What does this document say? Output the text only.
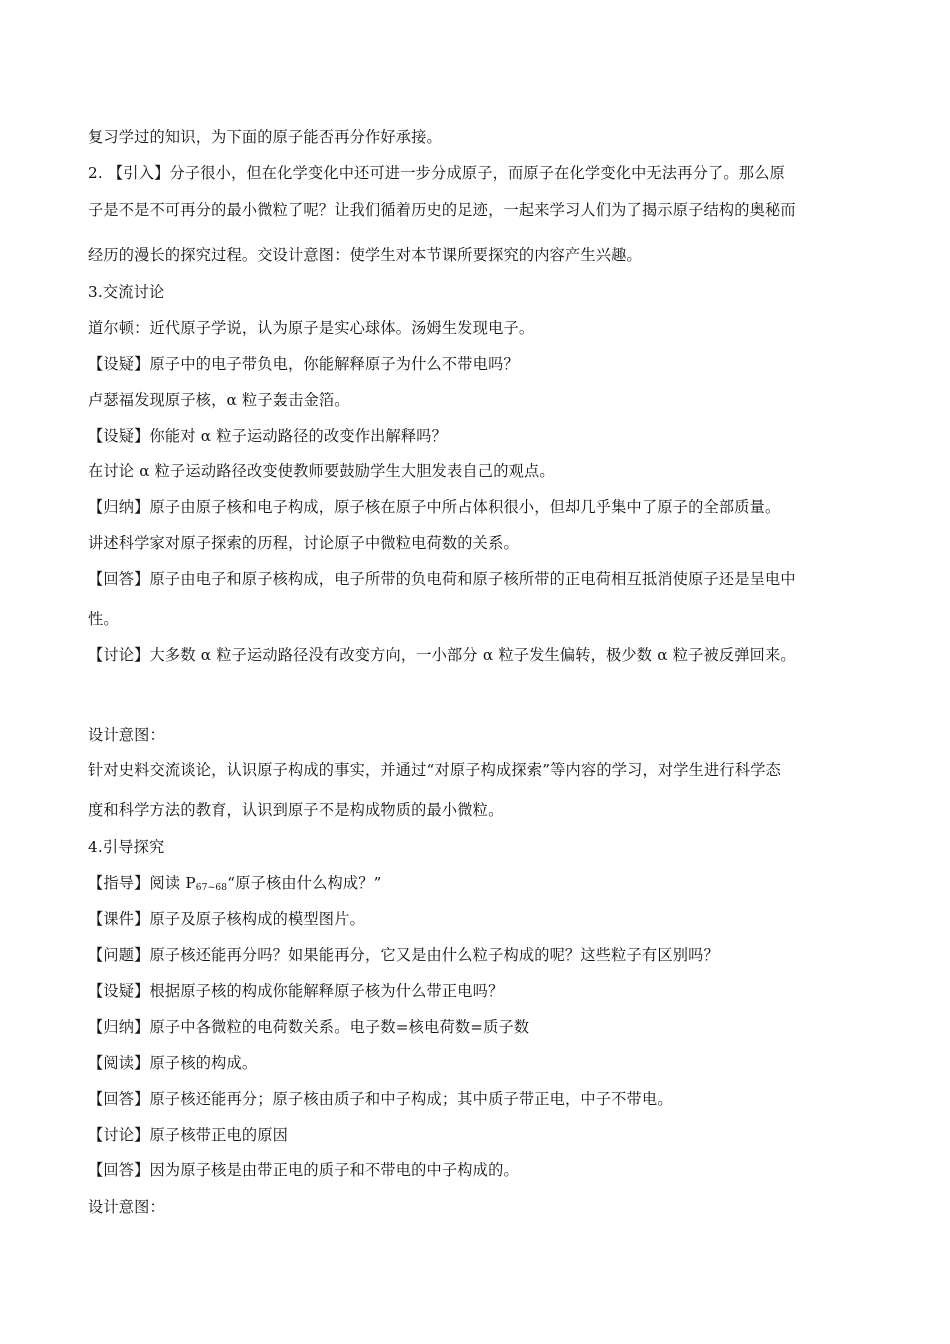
复习学过的知识，为下面的原子能否再分作好承接。
2. 【引入】分子很小，但在化学变化中还可进一步分成原子，而原子在化学变化中无法再分了。那么原
子是不是不可再分的最小微粒了呢？让我们循着历史的足迹，一起来学习人们为了揭示原子结构的奥秘而
经历的漫长的探究过程。交设计意图：使学生对本节课所要探究的内容产生兴趣。
3.交流讨论
道尔顿：近代原子学说，认为原子是实心球体。汤姆生发现电子。
【设疑】原子中的电子带负电，你能解释原子为什么不带电吗？
卢瑟福发现原子核，α 粒子轰击金箔。
【设疑】你能对 α 粒子运动路径的改变作出解释吗？
在讨论 α 粒子运动路径改变使教师要鼓励学生大胆发表自己的观点。
【归纳】原子由原子核和电子构成，原子核在原子中所占体积很小，但却几乎集中了原子的全部质量。
讲述科学家对原子探索的历程，讨论原子中微粒电荷数的关系。
【回答】原子由电子和原子核构成，电子所带的负电荷和原子核所带的正电荷相互抵消使原子还是呈电中
性。
【讨论】大多数 α 粒子运动路径没有改变方向，一小部分 α 粒子发生偏转，极少数 α 粒子被反弹回来。
设计意图：
针对史料交流谈论，认识原子构成的事实，并通过“对原子构成探索”等内容的学习，对学生进行科学态
度和科学方法的教育，认识到原子不是构成物质的最小微粒。
4.引导探究
【指导】阅读 $P_{67\sim 68}“$原子核由什么构成？”
【课件】原子及原子核构成的模型图片。
【问题】原子核还能再分吗？如果能再分，它又是由什么粒子构成的呢？这些粒子有区别吗？
【设疑】根据原子核的构成你能解释原子核为什么带正电吗？
【归纳】原子中各微粒的电荷数关系。电子数=核电荷数=质子数
【阅读】原子核的构成。
【回答】原子核还能再分；原子核由质子和中子构成；其中质子带正电，中子不带电。
【讨论】原子核带正电的原因
【回答】因为原子核是由带正电的质子和不带电的中子构成的。
设计意图：
